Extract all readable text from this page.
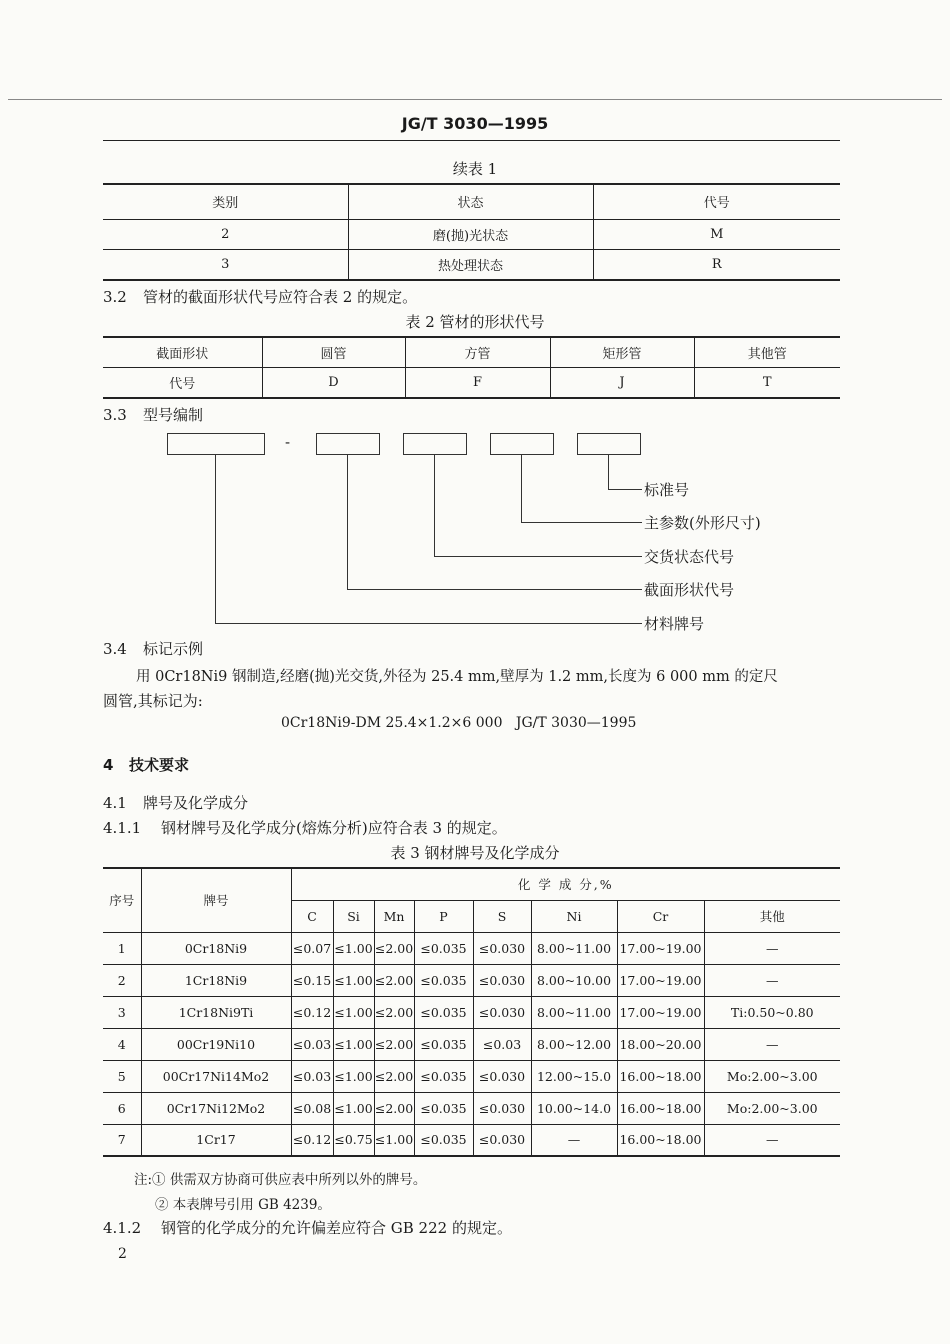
JG/T 3030—1995
续表 1
类别	状态	代号
2	磨(抛)光状态	M
3	热处理状态	R
3.2 管材的截面形状代号应符合表 2 的规定。
表 2 管材的形状代号
截面形状	圆管	方管	矩形管	其他管
代号	D	F	J	T
3.3 型号编制
-
标准号
主参数(外形尺寸)
交货状态代号
截面形状代号
材料牌号
3.4 标记示例
用 0Cr18Ni9 钢制造,经磨(抛)光交货,外径为 25.4 mm,壁厚为 1.2 mm,长度为 6 000 mm 的定尺
圆管,其标记为:
0Cr18Ni9-DM 25.4×1.2×6 000   JG/T 3030—1995
4 技术要求
4.1 牌号及化学成分
4.1.1 钢材牌号及化学成分(熔炼分析)应符合表 3 的规定。
表 3 钢材牌号及化学成分
序号	牌号	化 学 成 分,%							
		C	Si	Mn	P	S	Ni	Cr	其他
1	0Cr18Ni9	≤0.07	≤1.00	≤2.00	≤0.035	≤0.030	8.00~11.00	17.00~19.00	—
2	1Cr18Ni9	≤0.15	≤1.00	≤2.00	≤0.035	≤0.030	8.00~10.00	17.00~19.00	—
3	1Cr18Ni9Ti	≤0.12	≤1.00	≤2.00	≤0.035	≤0.030	8.00~11.00	17.00~19.00	Ti:0.50~0.80
4	00Cr19Ni10	≤0.03	≤1.00	≤2.00	≤0.035	≤0.03	8.00~12.00	18.00~20.00	—
5	00Cr17Ni14Mo2	≤0.03	≤1.00	≤2.00	≤0.035	≤0.030	12.00~15.0	16.00~18.00	Mo:2.00~3.00
6	0Cr17Ni12Mo2	≤0.08	≤1.00	≤2.00	≤0.035	≤0.030	10.00~14.0	16.00~18.00	Mo:2.00~3.00
7	1Cr17	≤0.12	≤0.75	≤1.00	≤0.035	≤0.030	—	16.00~18.00	—
注:① 供需双方协商可供应表中所列以外的牌号。
② 本表牌号引用 GB 4239。
4.1.2 钢管的化学成分的允许偏差应符合 GB 222 的规定。
2
